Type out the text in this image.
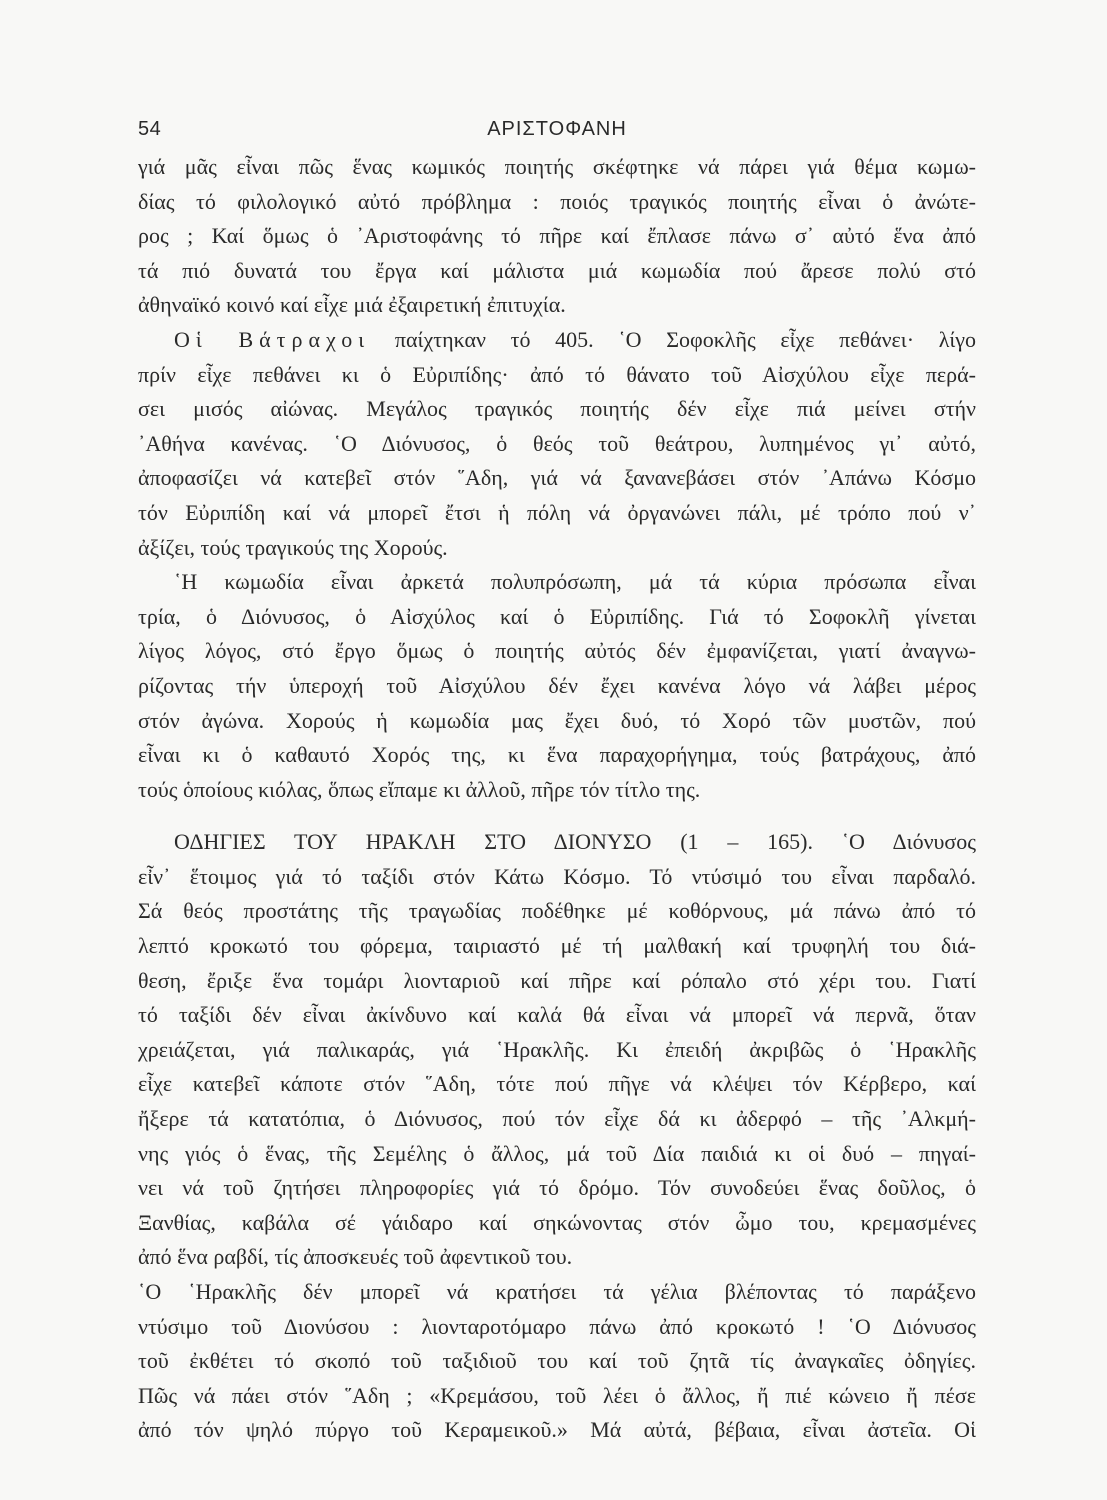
54	ΑΡΙΣΤΟΦΑΝΗ
γιά μᾶς εἶναι πῶς ἕνας κωμικός ποιητής σκέφτηκε νά πάρει γιά θέμα κωμω-
δίας τό φιλολογικό αὐτό πρόβλημα : ποιός τραγικός ποιητής εἶναι ὁ ἀνώτε-
ρος ; Καί ὅμως ὁ ᾿Αριστοφάνης τό πῆρε καί ἔπλασε πάνω σ᾿ αὐτό ἕνα ἀπό
τά πιό δυνατά του ἔργα καί μάλιστα μιά κωμωδία πού ἄρεσε πολύ στό
ἀθηναϊκό κοινό καί εἶχε μιά ἐξαιρετική ἐπιτυχία.
Οἱ Βάτραχοι παίχτηκαν τό 405. ῾Ο Σοφοκλῆς εἶχε πεθάνει· λίγο
πρίν εἶχε πεθάνει κι ὁ Εὐριπίδης· ἀπό τό θάνατο τοῦ Αἰσχύλου εἶχε περά-
σει μισός αἰώνας. Μεγάλος τραγικός ποιητής δέν εἶχε πιά μείνει στήν
᾿Αθήνα κανένας. ῾Ο Διόνυσος, ὁ θεός τοῦ θεάτρου, λυπημένος γι᾿ αὐτό,
ἀποφασίζει νά κατεβεῖ στόν ῞Αδη, γιά νά ξανανεβάσει στόν ᾿Απάνω Κόσμο
τόν Εὐριπίδη καί νά μπορεῖ ἔτσι ἡ πόλη νά ὀργανώνει πάλι, μέ τρόπο πού ν᾿
ἀξίζει, τούς τραγικούς της Χορούς.
῾Η κωμωδία εἶναι ἀρκετά πολυπρόσωπη, μά τά κύρια πρόσωπα εἶναι
τρία, ὁ Διόνυσος, ὁ Αἰσχύλος καί ὁ Εὐριπίδης. Γιά τό Σοφοκλῆ γίνεται
λίγος λόγος, στό ἔργο ὅμως ὁ ποιητής αὐτός δέν ἐμφανίζεται, γιατί ἀναγνω-
ρίζοντας τήν ὑπεροχή τοῦ Αἰσχύλου δέν ἔχει κανένα λόγο νά λάβει μέρος
στόν ἀγώνα. Χορούς ἡ κωμωδία μας ἔχει δυό, τό Χορό τῶν μυστῶν, πού
εἶναι κι ὁ καθαυτό Χορός της, κι ἕνα παραχορήγημα, τούς βατράχους, ἀπό
τούς ὁποίους κιόλας, ὅπως εἴπαμε κι ἀλλοῦ, πῆρε τόν τίτλο της.
ΟΔΗΓΙΕΣ ΤΟΥ ΗΡΑΚΛΗ ΣΤΟ ΔΙΟΝΥΣΟ (1 – 165). ῾Ο Διόνυσος
εἶν᾿ ἕτοιμος γιά τό ταξίδι στόν Κάτω Κόσμο. Τό ντύσιμό του εἶναι παρδαλό.
Σά θεός προστάτης τῆς τραγωδίας ποδέθηκε μέ κοθόρνους, μά πάνω ἀπό τό
λεπτό κροκωτό του φόρεμα, ταιριαστό μέ τή μαλθακή καί τρυφηλή του διά-
θεση, ἔριξε ἕνα τομάρι λιονταριοῦ καί πῆρε καί ρόπαλο στό χέρι του. Γιατί
τό ταξίδι δέν εἶναι ἀκίνδυνο καί καλά θά εἶναι νά μπορεῖ νά περνᾶ, ὅταν
χρειάζεται, γιά παλικαράς, γιά ῾Ηρακλῆς. Κι ἐπειδή ἀκριβῶς ὁ ῾Ηρακλῆς
εἶχε κατεβεῖ κάποτε στόν ῞Αδη, τότε πού πῆγε νά κλέψει τόν Κέρβερο, καί
ἤξερε τά κατατόπια, ὁ Διόνυσος, πού τόν εἶχε δά κι ἀδερφό – τῆς ᾿Αλκμή-
νης γιός ὁ ἕνας, τῆς Σεμέλης ὁ ἄλλος, μά τοῦ Δία παιδιά κι οἱ δυό – πηγαί-
νει νά τοῦ ζητήσει πληροφορίες γιά τό δρόμο. Τόν συνοδεύει ἕνας δοῦλος, ὁ
Ξανθίας, καβάλα σέ γάιδαρο καί σηκώνοντας στόν ὦμο του, κρεμασμένες
ἀπό ἕνα ραβδί, τίς ἀποσκευές τοῦ ἀφεντικοῦ του.
῾Ο ῾Ηρακλῆς δέν μπορεῖ νά κρατήσει τά γέλια βλέποντας τό παράξενο
ντύσιμο τοῦ Διονύσου : λιονταροτόμαρο πάνω ἀπό κροκωτό ! ῾Ο Διόνυσος
τοῦ ἐκθέτει τό σκοπό τοῦ ταξιδιοῦ του καί τοῦ ζητᾶ τίς ἀναγκαῖες ὀδηγίες.
Πῶς νά πάει στόν ῞Αδη ; «Κρεμάσου, τοῦ λέει ὁ ἄλλος, ἤ πιέ κώνειο ἤ πέσε
ἀπό τόν ψηλό πύργο τοῦ Κεραμεικοῦ.» Μά αὐτά, βέβαια, εἶναι ἀστεῖα. Οἱ
